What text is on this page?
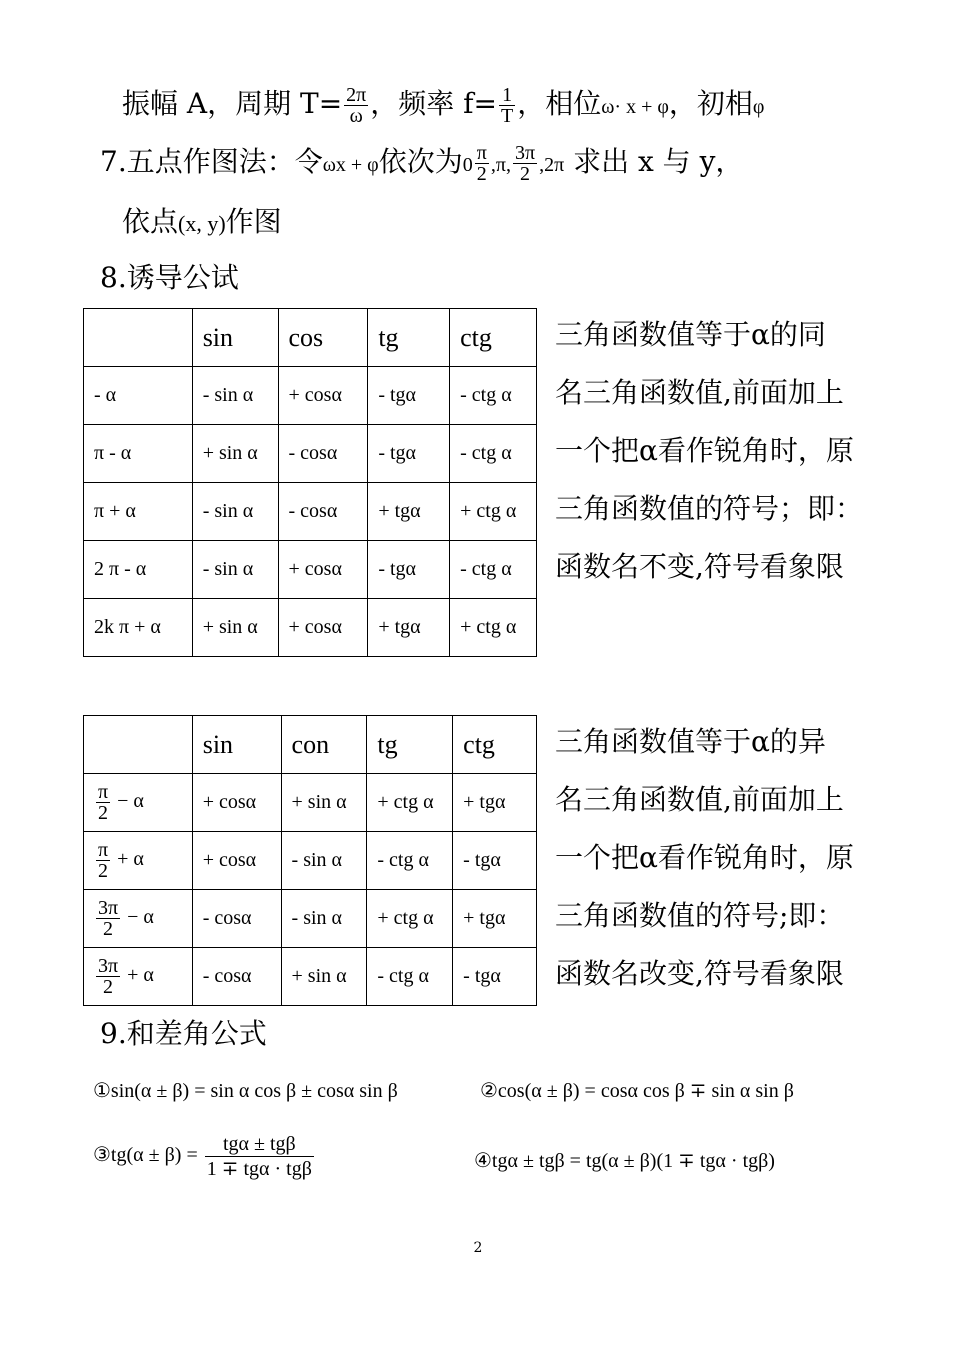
振幅 A，周期 $T= \frac{2\pi}{\omega}$ ，频率 $f= \frac{1}{T}$ ，相位ω· x + φ，初相φ
7.五点作图法：令ωx + φ依次为$0 \frac{\pi}{2} ,\pi$, $\frac{3\pi}{2} ,2\pi$ 求出 x 与 y，
依点(x, y)作图
8.诱导公试
	sin	cos	tg	ctg
- α	- sin α	+ cosα	- tgα	- ctg α
π - α	+ sin α	- cosα	- tgα	- ctg α
π + α	- sin α	- cosα	+ tgα	+ ctg α
2 π - α	- sin α	+ cosα	- tgα	- ctg α
2k π + α	+ sin α	+ cosα	+ tgα	+ ctg α
三角函数值等于α的同
名三角函数值,前面加上
一个把α看作锐角时，原
三角函数值的符号；即：
函数名不变,符号看象限
	sin	con	tg	ctg

$\frac{\pi}{2} - \alpha$	+ cosα	+ sin α	+ ctg α	+ tgα

$\frac{\pi}{2} + \alpha$	+ cosα	- sin α	- ctg α	- tgα

$\frac{3\pi}{2} - \alpha$	- cosα	- sin α	+ ctg α	+ tgα

$\frac{3\pi}{2} + \alpha$	- cosα	+ sin α	- ctg α	- tgα
三角函数值等于α的异
名三角函数值,前面加上
一个把α看作锐角时，原
三角函数值的符号;即：
函数名改变,符号看象限
9.和差角公式
①sin(α ± β) = sin α cos β ± cosα sin β	②cos(α ± β) = cosα cos β ∓ sin α sin β
③tg(α ± $\beta) = \frac{\text{tgα ± tgβ}}{\text{1 ∓ tgα · tgβ}}$	④tgα ± tgβ = tg(α ± β)(1 ∓ tgα · tgβ)
2
